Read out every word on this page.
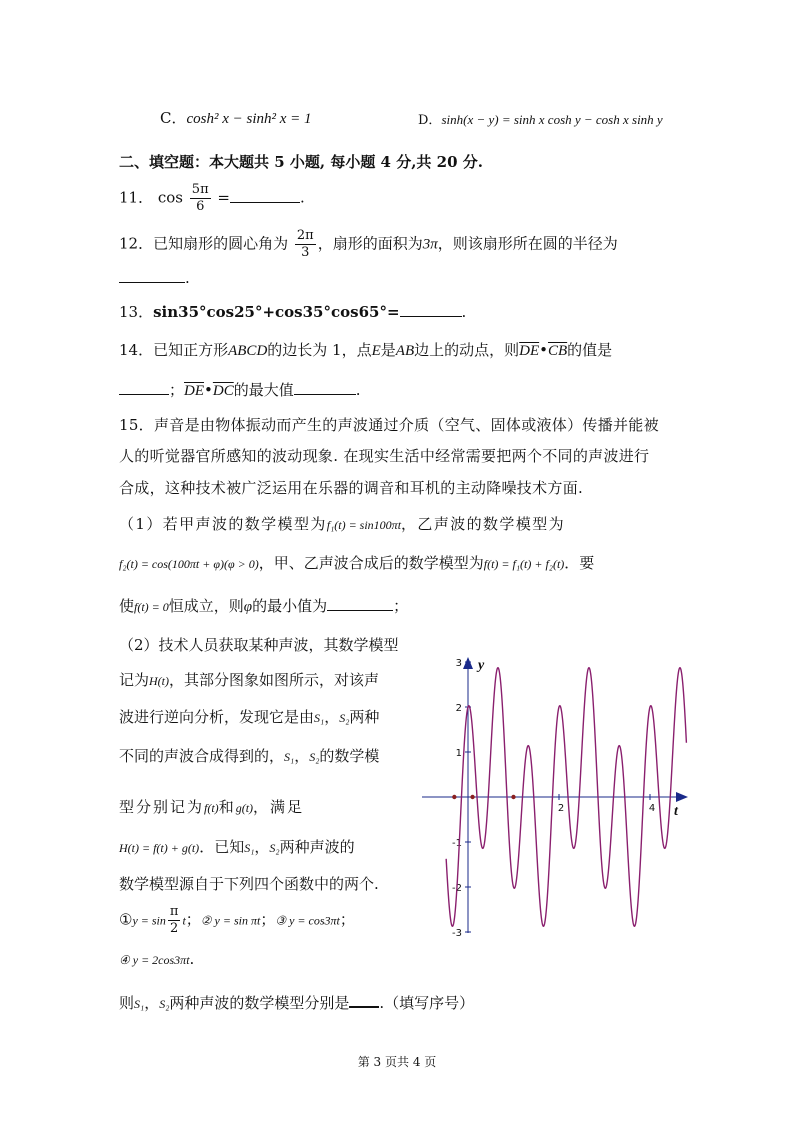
C．cosh² x − sinh² x = 1	D．sinh(x − y) = sinh x cosh y − cosh x sinh y
二、填空题：本大题共 5 小题, 每小题 4 分,共 20 分.
11． $\cos \frac{5\pi}{6}$ =	.
12．已知扇形的圆心角为 $\frac{2\pi}{3}$ ，扇形的面积为3π，则该扇形所在圆的半径为
.
13．sin35°cos25°+cos35°cos65°=	.
14．已知正方形ABCD的边长为 1，点E是AB边上的动点，则$\overline{DE}•\overline{CB}$的值是
；$\overline{DE}•\overline{DC}$的最大值	.
15．声音是由物体振动而产生的声波通过介质（空气、固体或液体）传播并能被
人的听觉器官所感知的波动现象. 在现实生活中经常需要把两个不同的声波进行
合成，这种技术被广泛运用在乐器的调音和耳机的主动降噪技术方面.
（1）若甲声波的数学模型为f₁(t) = sin100πt，乙声波的数学模型为
f₂(t) = cos(100πt + φ)(φ > 0)，甲、乙声波合成后的数学模型为f(t) = f₁(t) + f₂(t)．要
使f(t) = 0恒成立，则φ的最小值为	；
（2）技术人员获取某种声波，其数学模型
记为H(t)，其部分图象如图所示，对该声
波进行逆向分析，发现它是由S₁，S₂两种
不同的声波合成得到的，S₁，S₂的数学模
型分别记为f(t)和g(t)，满足
H(t) = f(t) + g(t)．已知S₁，S₂两种声波的
数学模型源自于下列四个函数中的两个.
①y = $\sin \frac{\pi}{2}$ t；② y = sin πt；③ y = cos3πt；
④ y = 2cos3πt.
则S₁，S₂两种声波的数学模型分别是 .（填写序号）
t
y
3
2
1
-1
-2
-3
2	4
第 3 页共 4 页
